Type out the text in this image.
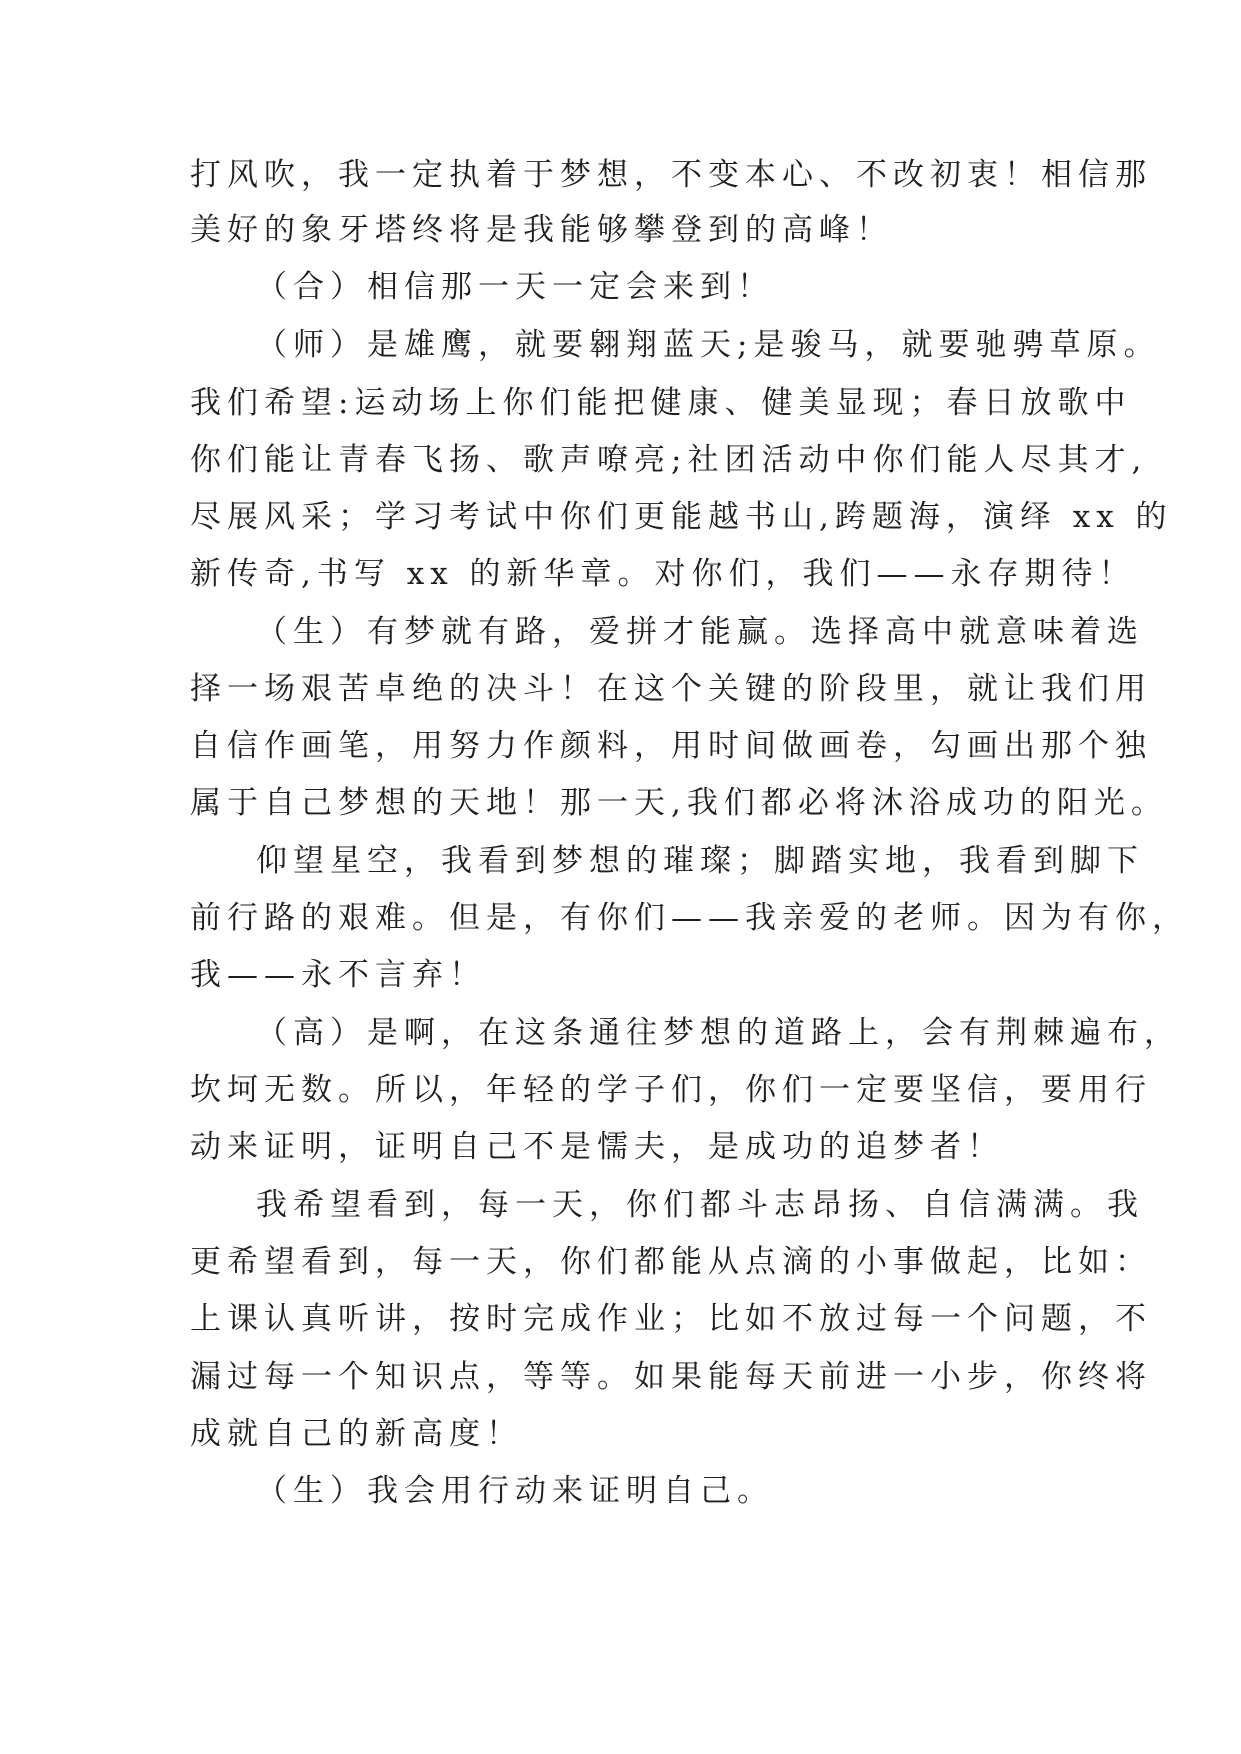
打风吹，我一定执着于梦想，不变本心、不改初衷！相信那
美好的象牙塔终将是我能够攀登到的高峰！
（合）相信那一天一定会来到！
（师）是雄鹰，就要翱翔蓝天;是骏马，就要驰骋草原。
我们希望:运动场上你们能把健康、健美显现；春日放歌中
你们能让青春飞扬、歌声嘹亮;社团活动中你们能人尽其才,
尽展风采；学习考试中你们更能越书山,跨题海，演绎 xx 的
新传奇,书写 xx 的新华章。对你们，我们——永存期待！
（生）有梦就有路，爱拼才能赢。选择高中就意味着选
择一场艰苦卓绝的决斗！在这个关键的阶段里，就让我们用
自信作画笔，用努力作颜料，用时间做画卷，勾画出那个独
属于自己梦想的天地！那一天,我们都必将沐浴成功的阳光。
仰望星空，我看到梦想的璀璨；脚踏实地，我看到脚下
前行路的艰难。但是，有你们——我亲爱的老师。因为有你，
我——永不言弃！
（高）是啊，在这条通往梦想的道路上，会有荆棘遍布，
坎坷无数。所以，年轻的学子们，你们一定要坚信，要用行
动来证明，证明自己不是懦夫，是成功的追梦者！
我希望看到，每一天，你们都斗志昂扬、自信满满。我
更希望看到，每一天，你们都能从点滴的小事做起，比如：
上课认真听讲，按时完成作业；比如不放过每一个问题，不
漏过每一个知识点，等等。如果能每天前进一小步，你终将
成就自己的新高度！
（生）我会用行动来证明自己。
